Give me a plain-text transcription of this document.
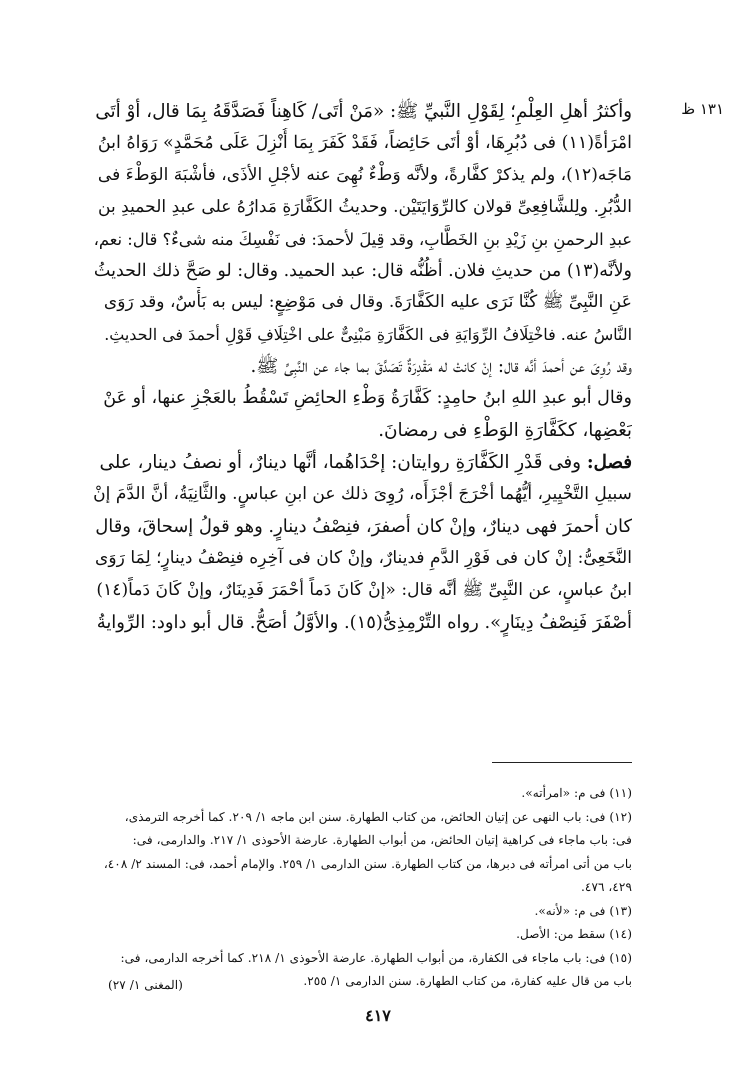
١٣١ ظ

وأكثرُ أهلِ العِلْمِ؛ لِقَوْلِ النَّبيِّ ﷺ: «مَنْ أتَى/ كَاهِناً فَصَدَّقَهُ بِمَا قال، أوْ أتَى
امْرَأةً(١١) فى دُبُرِهَا، أوْ أتَى حَائِضاً، فَقَدْ كَفَرَ بِمَا أُنْزِلَ عَلَى مُحَمَّدٍ» رَوَاهُ ابنُ
مَاجَه(١٢)، ولم يذكرْ كفَّارةً، ولأنَّه وَطْءٌ نُهِىَ عنه لأجْلِ الأذَى، فأشْبَهَ الوَطْءَ فى
الدُّبُرِ. ولِلشَّافِعِىِّ قولان كالرِّوَايَتَيْن. وحديثُ الكَفَّارَةِ مَدارُهُ على عبدِ الحميدِ بن
عبدِ الرحمنِ بنِ زَيْدِ بنِ الخَطَّابِ، وقد قِيلَ لأحمدَ: فى نَفْسِكَ منه شىءٌ؟ قال: نعم،
ولأنَّه(١٣) من حديثِ فلان. أظُنُّه قال: عبد الحميد. وقال: لو صَحَّ ذلك الحديثُ
عَنِ النَّبِىِّ ﷺ كُنَّا نَرَى عليه الكَفَّارَةَ. وقال فى مَوْضِعٍ: ليس به بَأْسٌ، وقد رَوَى
النَّاسُ عنه. فاخْتِلَافُ الرِّوَايَةِ فى الكَفَّارَةِ مَبْنِىٌّ على اخْتِلَافِ قَوْلِ أحمدَ فى الحديثِ.
وقد رُوِىَ عن أحمدَ أنَّه قال: إنْ كانتْ له مَقْدِرَةٌ تَصَدَّقَ بما جاء عن النَّبِىِّ ﷺ.
وقال أبو عبدِ اللهِ ابنُ حامِدٍ: كَفَّارَةُ وَطْءِ الحائِضِ تَسْقُطُ بالعَجْزِ عنها، أو عَنْ
بَعْضِها، ككَفَّارَةِ الوَطْءِ فى رمضانَ.

فصل: وفى قَدْرِ الكَفَّارَةِ روايتان: إحْدَاهُما، أنَّها دينارٌ، أو نصفُ دينار، على
سبيلِ التَّخْيِيرِ، أيُّهُما أخْرَجَ أجْزَأَه، رُوِىَ ذلك عن ابنِ عباسٍ. والثَّانِيَةُ، أنَّ الدَّمَ إنْ
كان أحمرَ فهى دينارٌ، وإنْ كان أصفرَ، فنِصْفُ دينارٍ. وهو قولُ إسحاقَ، وقال
النَّخَعِىُّ: إنْ كان فى فَوْرِ الدَّمِ فدينارٌ، وإنْ كان فى آخِرِه فنِصْفُ دينارٍ؛ لِمَا رَوَى
ابنُ عباسٍ، عن النَّبِىِّ ﷺ أنَّه قال: «إنْ كَانَ دَماً أحْمَرَ فَدِينَارٌ، وإنْ كَانَ دَماً(١٤)
أصْفَرَ فَنِصْفُ دِينَارٍ». رواه التِّرْمِذِىُّ(١٥). والأوَّلُ أصَحُّ. قال أبو داود: الرِّوايةُ

(١١) فى م: «امرأته».
(١٢) فى: باب النهى عن إتيان الحائض، من كتاب الطهارة. سنن ابن ماجه ١/ ٢٠٩. كما أخرجه الترمذى،
فى: باب ماجاء فى كراهية إتيان الحائض، من أبواب الطهارة. عارضة الأحوذى ١/ ٢١٧. والدارمى، فى:
باب من أتى امرأته فى دبرها، من كتاب الطهارة. سنن الدارمى ١/ ٢٥٩. والإمام أحمد، فى: المسند ٢/ ٤٠٨،
٤٢٩، ٤٧٦.
(١٣) فى م: «لأنه».
(١٤) سقط من: الأصل.
(١٥) فى: باب ماجاء فى الكفارة، من أبواب الطهارة. عارضة الأحوذى ١/ ٢١٨. كما أخرجه الدارمى، فى:
باب من قال عليه كفارة، من كتاب الطهارة. سنن الدارمى ١/ ٢٥٥.
(المغنى ١/ ٢٧)
٤١٧
